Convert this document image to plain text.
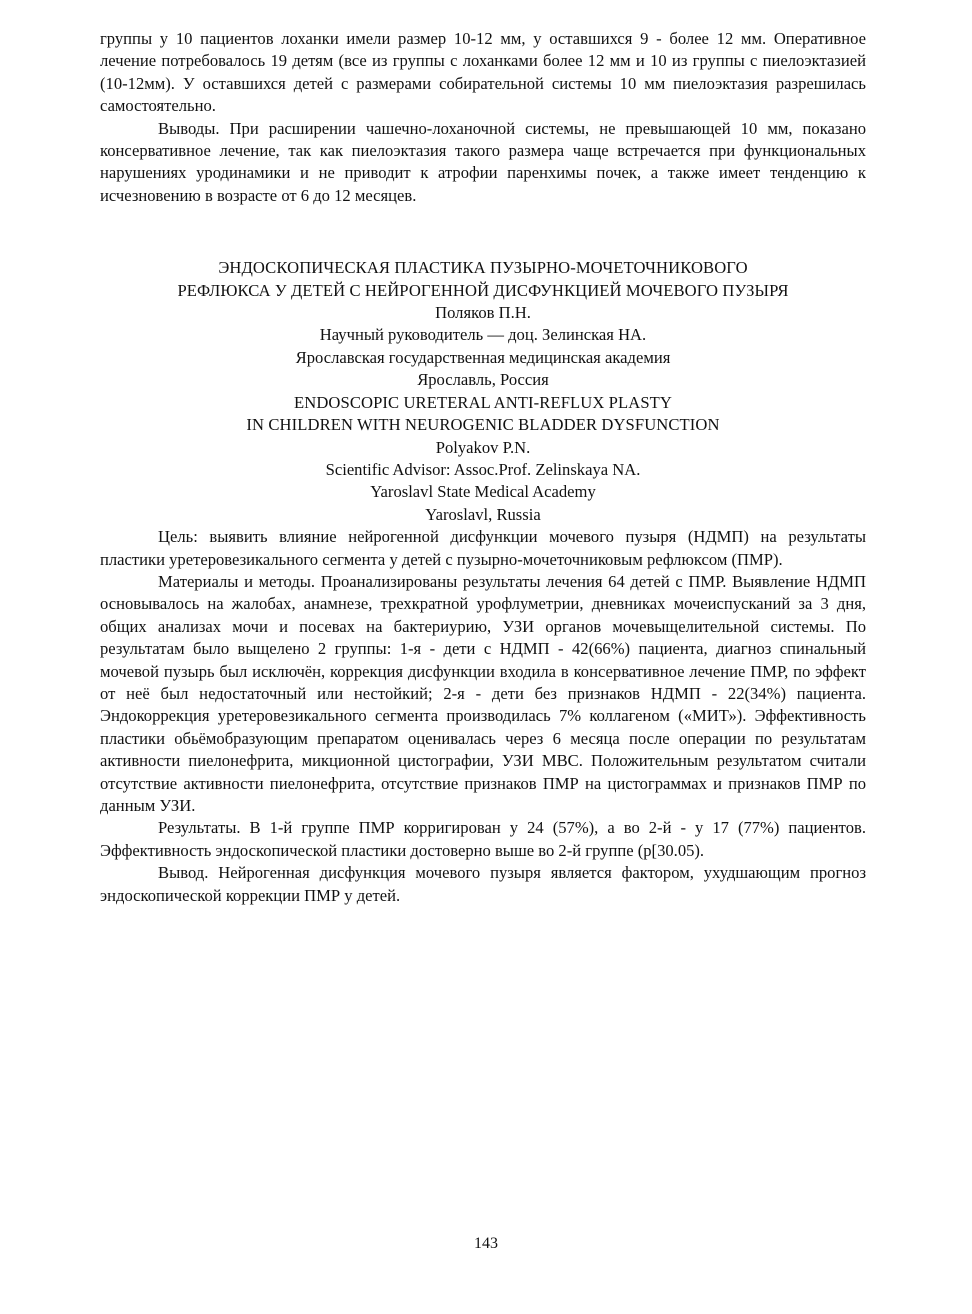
группы у 10 пациентов лоханки имели размер 10-12 мм, у оставшихся 9 - более 12 мм. Оперативное лечение потребовалось 19 детям (все из группы с лоханками более 12 мм и 10 из группы с пиелоэктазией (10-12мм). У оставшихся детей с размерами собирательной системы 10 мм пиелоэктазия разрешилась самостоятельно.

Выводы. При расширении чашечно-лоханочной системы, не превышающей 10 мм, показано консервативное лечение, так как пиелоэктазия такого размера чаще встречается при функциональных нарушениях уродинамики и не приводит к атрофии паренхимы почек, а также имеет тенденцию к исчезновению в возрасте от 6 до 12 месяцев.

ЭНДОСКОПИЧЕСКАЯ ПЛАСТИКА ПУЗЫРНО-МОЧЕТОЧНИКОВОГО

РЕФЛЮКСА У ДЕТЕЙ С НЕЙРОГЕННОЙ ДИСФУНКЦИЕЙ МОЧЕВОГО ПУЗЫРЯ

Поляков П.Н.

Научный руководитель — доц. Зелинская НА.

Ярославская государственная медицинская академия

Ярославль, Россия

ENDOSCOPIC URETERAL ANTI-REFLUX PLASTY

IN CHILDREN WITH NEUROGENIC BLADDER DYSFUNCTION

Polyakov P.N.

Scientific Advisor: Assoc.Prof. Zelinskaya NA.

Yaroslavl State Medical Academy

Yaroslavl, Russia

Цель: выявить влияние нейрогенной дисфункции мочевого пузыря (НДМП) на результаты пластики уретеровезикального сегмента у детей с пузырно-мочеточниковым рефлюксом (ПМР).

Материалы и методы. Проанализированы результаты лечения 64 детей с ПМР. Выявление НДМП основывалось на жалобах, анамнезе, трехкратной урофлуметрии, дневниках мочеиспусканий за 3 дня, общих анализах мочи и посевах на бактериурию, УЗИ органов мочевыщелительной системы. По результатам было выщелено 2 группы: 1-я - дети с НДМП - 42(66%) пациента, диагноз спинальный мочевой пузырь был исключён, коррекция дисфункции входила в консервативное лечение ПМР, по эффект от неё был недостаточный или нестойкий; 2-я - дети без признаков НДМП - 22(34%) пациента. Эндокоррекция уретеровезикального сегмента производилась 7% коллагеном («МИТ»). Эффективность пластики обьёмобразующим препаратом оценивалась через 6 месяца после операции по результатам активности пиелонефрита, микционной цистографии, УЗИ МВС. Положительным результатом считали отсутствие активности пиелонефрита, отсутствие признаков ПМР на цистограммах и признаков ПМР по данным УЗИ.

Результаты. В 1-й группе ПМР корригирован у 24 (57%), а во 2-й - у 17 (77%) пациентов. Эффективность эндоскопической пластики достоверно выше во 2-й группе (р[30.05).

Вывод. Нейрогенная дисфункция мочевого пузыря является фактором, ухудшающим прогноз эндоскопической коррекции ПМР у детей.

143
